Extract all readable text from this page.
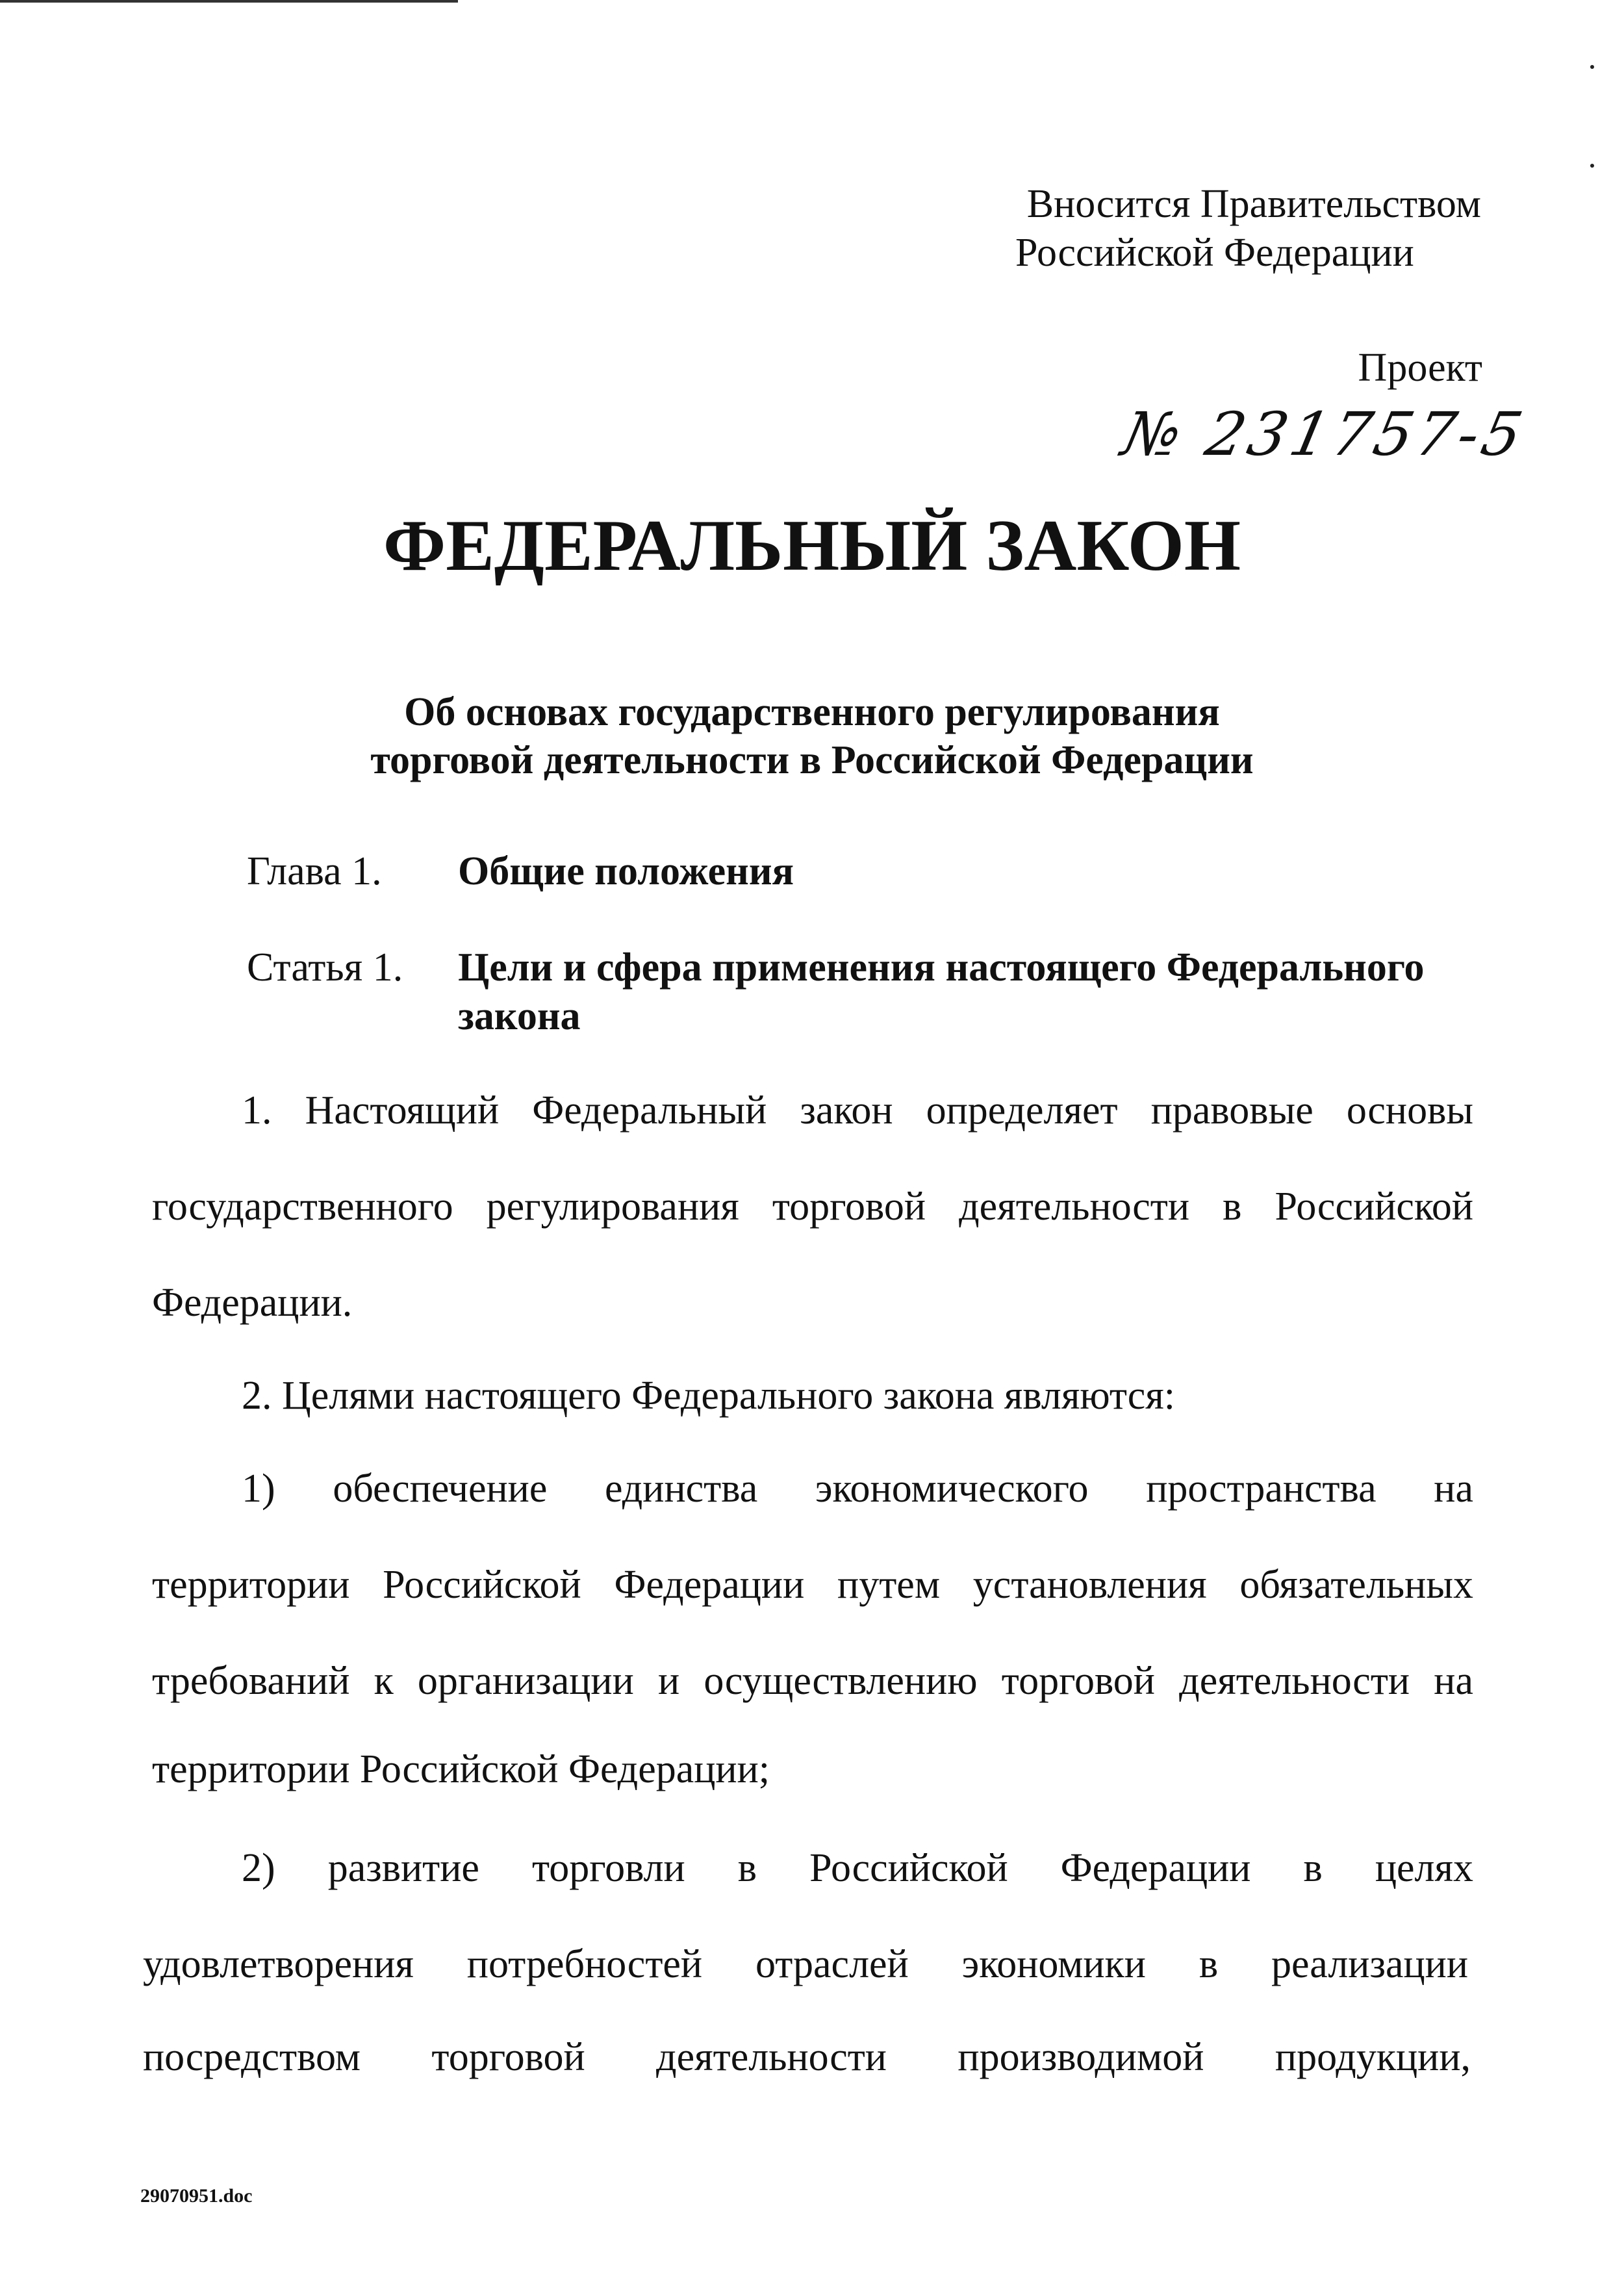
Вносится Правительством
Российской Федерации
Проект
№ 231757-5
ФЕДЕРАЛЬНЫЙ ЗАКОН
Об основах государственного регулирования
торговой деятельности в Российской Федерации
Глава 1. Общие положения
Статья 1. Цели и сфера применения настоящего Федерального
закона
1. Настоящий Федеральный закон определяет правовые основы
государственного регулирования торговой деятельности в Российской
Федерации.
2. Целями настоящего Федерального закона являются:
1) обеспечение единства экономического пространства на
территории Российской Федерации путем установления обязательных
требований к организации и осуществлению торговой деятельности на
территории Российской Федерации;
2) развитие торговли в Российской Федерации в целях
удовлетворения потребностей отраслей экономики в реализации
посредством торговой деятельности производимой продукции,
29070951.doc
